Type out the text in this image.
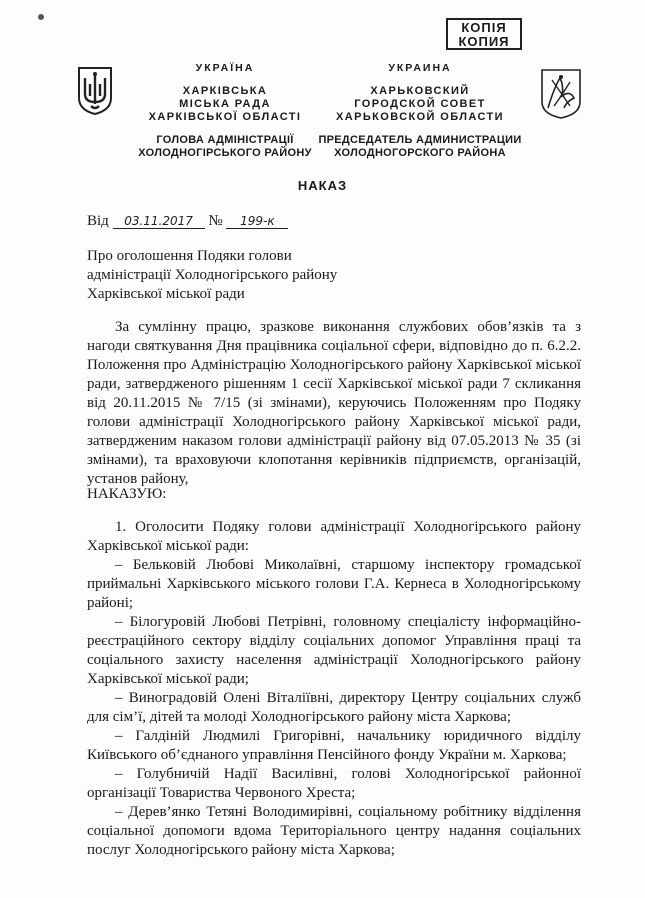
КОПІЯ
КОПИЯ
УКРАЇНА
ХАРКІВСЬКА
МІСЬКА РАДА
ХАРКІВСЬКОЇ ОБЛАСТІ
ГОЛОВА АДМІНІСТРАЦІЇ
ХОЛОДНОГІРСЬКОГО РАЙОНУ
УКРАИНА
ХАРЬКОВСКИЙ
ГОРОДСКОЙ СОВЕТ
ХАРЬКОВСКОЙ ОБЛАСТИ
ПРЕДСЕДАТЕЛЬ АДМИНИСТРАЦИИ
ХОЛОДНОГОРСКОГО РАЙОНА
НАКАЗ
Від 03.11.2017 № 199-к
Про оголошення Подяки голови
адміністрації Холодногірського району
Харківської міської ради
За сумлінну працю, зразкове виконання службових обов’язків та з нагоди святкування Дня працівника соціальної сфери, відповідно до п. 6.2.2. Положення про Адміністрацію Холодногірського району Харківської міської ради, затвердженого рішенням 1 сесії Харківської міської ради 7 скликання від 20.11.2015 № 7/15 (зі змінами), керуючись Положенням про Подяку голови адміністрації Холодногірського району Харківської міської ради, затвердженим наказом голови адміністрації району від 07.05.2013 № 35 (зі змінами), та враховуючи клопотання керівників підприємств, організацій, установ району,
НАКАЗУЮ:

1. Оголосити Подяку голови адміністрації Холодногірського району Харківської міської ради:

– Бельковій Любові Миколаївні, старшому інспектору громадської приймальні Харківського міського голови Г.А. Кернеса в Холодногірському районі;

– Білогуровій Любові Петрівні, головному спеціалісту інформаційно-реєстраційного сектору відділу соціальних допомог Управління праці та соціального захисту населення адміністрації Холодногірського району Харківської міської ради;

– Виноградовій Олені Віталіївні, директору Центру соціальних служб для сім’ї, дітей та молоді Холодногірського району міста Харкова;

– Галдіній Людмилі Григорівні, начальнику юридичного відділу Київського об’єднаного управління Пенсійного фонду України м. Харкова;

– Голубничій Надії Василівні, голові Холодногірської районної організації Товариства Червоного Хреста;

– Дерев’янко Тетяні Володимирівні, соціальному робітнику відділення соціальної допомоги вдома Територіального центру надання соціальних послуг Холодногірського району міста Харкова;
